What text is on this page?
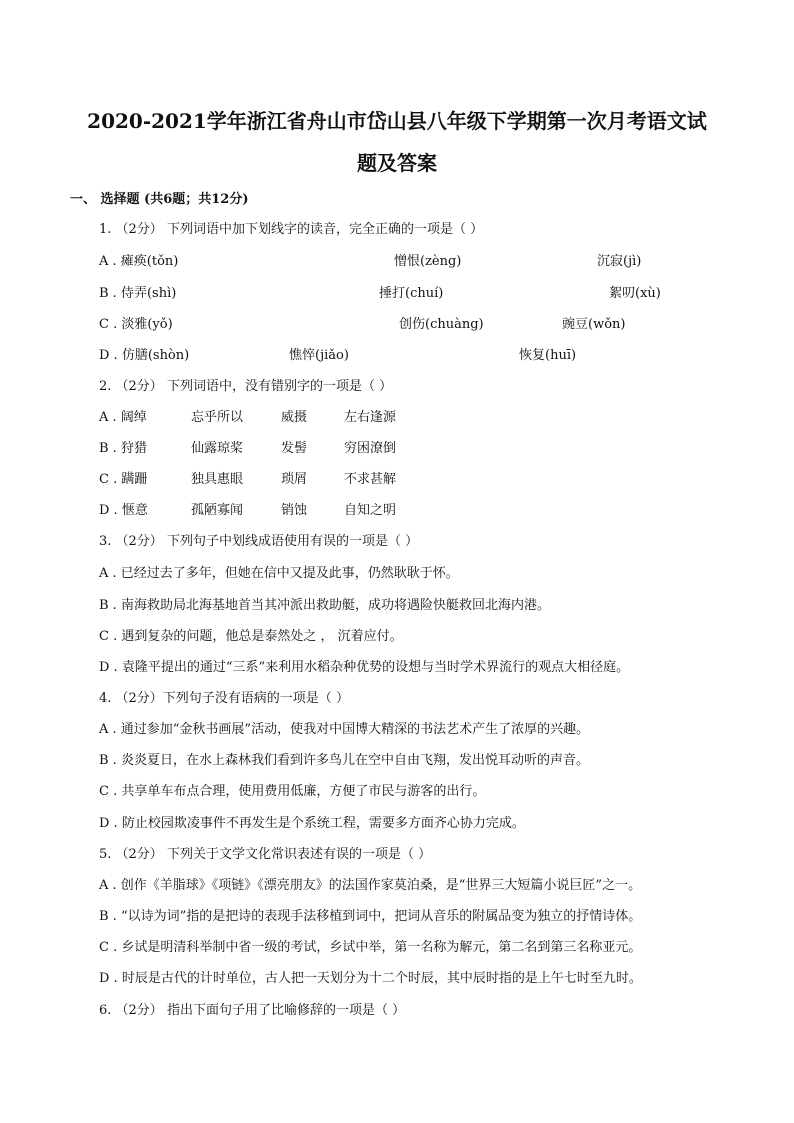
2020-2021学年浙江省舟山市岱山县八年级下学期第一次月考语文试
题及答案

一、 选择题 (共6题；共12分)

1. （2分） 下列词语中加下划线字的读音，完全正确的一项是（ ）

A . 瘫痪(tǒn)	憎恨(zèng)	沉寂(jì)
B . 侍弄(shì)	捶打(chuí)	絮叨(xù)
C . 淡雅(yǒ)	创伤(chuàng)	豌豆(wǒn)
D . 仿膳(shòn)	憔悴(jiǎo)	恢复(huī)

2. （2分） 下列词语中，没有错别字的一项是（ ）

A . 阔绰	忘乎所以	威摄	左右逢源
B . 狩猎	仙露琼桨	发髻	穷困潦倒
C . 蹒跚	独具惠眼	琐屑	不求甚解
D . 惬意	孤陋寡闻	销蚀	自知之明

3. （2分） 下列句子中划线成语使用有误的一项是（ ）

A . 已经过去了多年，但她在信中又提及此事，仍然耿耿于怀。

B . 南海救助局北海基地首当其冲派出救助艇，成功将遇险快艇救回北海内港。

C . 遇到复杂的问题，他总是泰然处之 ， 沉着应付。

D . 袁隆平提出的通过“三系”来利用水稻杂种优势的设想与当时学术界流行的观点大相径庭。

4. （2分）下列句子没有语病的一项是（ ）

A . 通过参加“金秋书画展”活动，使我对中国博大精深的书法艺术产生了浓厚的兴趣。

B . 炎炎夏日，在水上森林我们看到许多鸟儿在空中自由飞翔，发出悦耳动听的声音。

C . 共享单车布点合理，使用费用低廉，方便了市民与游客的出行。

D . 防止校园欺凌事件不再发生是个系统工程，需要多方面齐心协力完成。

5. （2分） 下列关于文学文化常识表述有误的一项是（ ）

A . 创作《羊脂球》《项链》《漂亮朋友》的法国作家莫泊桑，是“世界三大短篇小说巨匠”之一。

B . “以诗为词”指的是把诗的表现手法移植到词中，把词从音乐的附属品变为独立的抒情诗体。

C . 乡试是明清科举制中省一级的考试，乡试中举，第一名称为解元，第二名到第三名称亚元。

D . 时辰是古代的计时单位，古人把一天划分为十二个时辰，其中辰时指的是上午七时至九时。

6. （2分） 指出下面句子用了比喻修辞的一项是（ ）
